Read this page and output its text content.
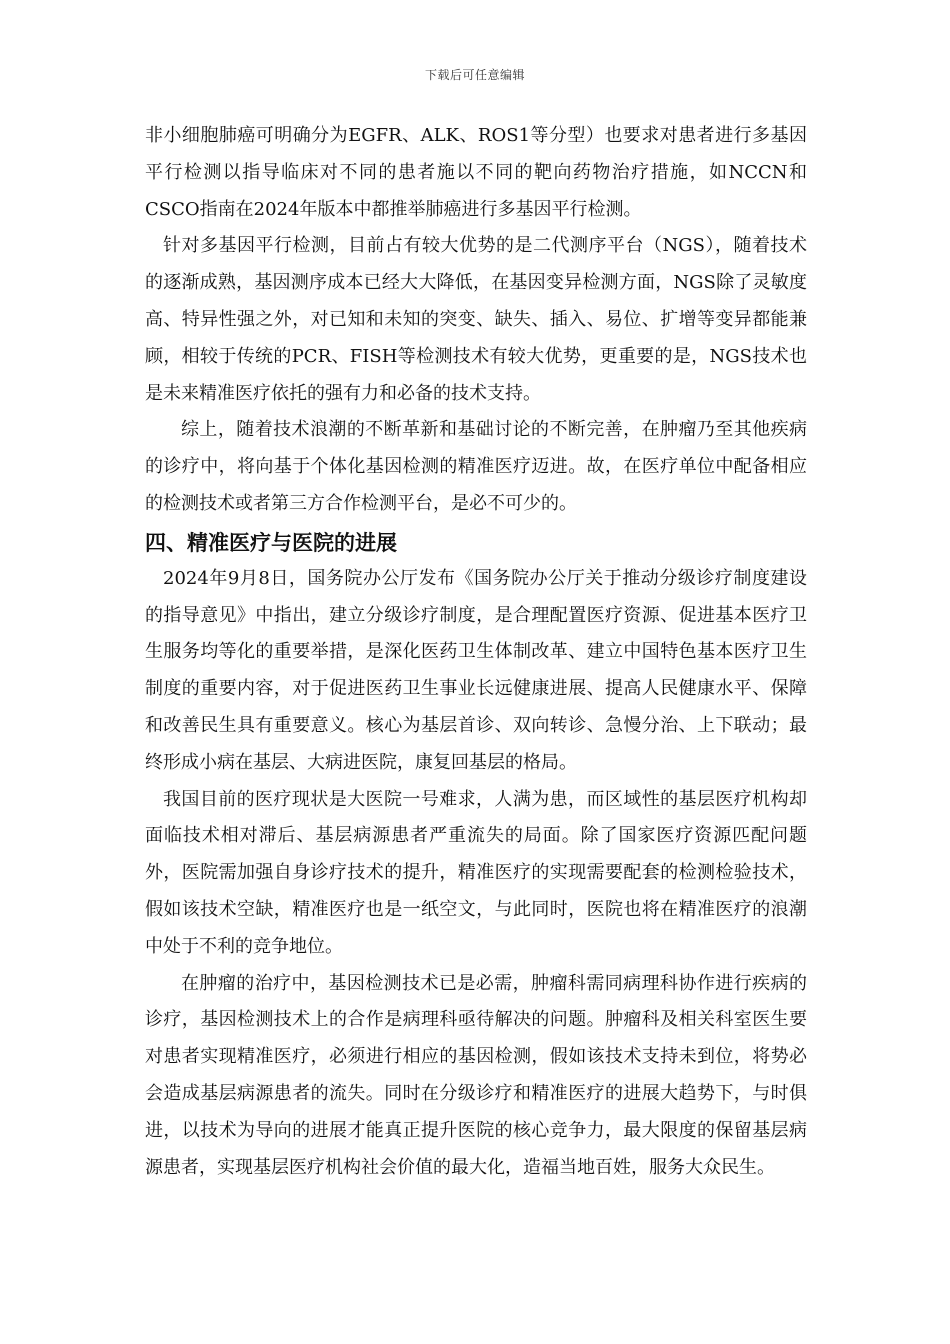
下载后可任意编辑

非小细胞肺癌可明确分为EGFR、ALK、ROS1等分型）也要求对患者进行多基因平行检测以指导临床对不同的患者施以不同的靶向药物治疗措施，如NCCN和CSCO指南在2024年版本中都推举肺癌进行多基因平行检测。

针对多基因平行检测，目前占有较大优势的是二代测序平台（NGS），随着技术的逐渐成熟，基因测序成本已经大大降低，在基因变异检测方面，NGS除了灵敏度高、特异性强之外，对已知和未知的突变、缺失、插入、易位、扩增等变异都能兼顾，相较于传统的PCR、FISH等检测技术有较大优势，更重要的是，NGS技术也是未来精准医疗依托的强有力和必备的技术支持。

综上，随着技术浪潮的不断革新和基础讨论的不断完善，在肿瘤乃至其他疾病的诊疗中，将向基于个体化基因检测的精准医疗迈进。故，在医疗单位中配备相应的检测技术或者第三方合作检测平台，是必不可少的。

四、精准医疗与医院的进展

2024年9月8日，国务院办公厅发布《国务院办公厅关于推动分级诊疗制度建设的指导意见》中指出，建立分级诊疗制度，是合理配置医疗资源、促进基本医疗卫生服务均等化的重要举措，是深化医药卫生体制改革、建立中国特色基本医疗卫生制度的重要内容，对于促进医药卫生事业长远健康进展、提高人民健康水平、保障和改善民生具有重要意义。核心为基层首诊、双向转诊、急慢分治、上下联动；最终形成小病在基层、大病进医院，康复回基层的格局。

我国目前的医疗现状是大医院一号难求，人满为患，而区域性的基层医疗机构却面临技术相对滞后、基层病源患者严重流失的局面。除了国家医疗资源匹配问题外，医院需加强自身诊疗技术的提升，精准医疗的实现需要配套的检测检验技术，假如该技术空缺，精准医疗也是一纸空文，与此同时，医院也将在精准医疗的浪潮中处于不利的竞争地位。

在肿瘤的治疗中，基因检测技术已是必需，肿瘤科需同病理科协作进行疾病的诊疗，基因检测技术上的合作是病理科亟待解决的问题。肿瘤科及相关科室医生要对患者实现精准医疗，必须进行相应的基因检测，假如该技术支持未到位，将势必会造成基层病源患者的流失。同时在分级诊疗和精准医疗的进展大趋势下，与时俱进，以技术为导向的进展才能真正提升医院的核心竞争力，最大限度的保留基层病源患者，实现基层医疗机构社会价值的最大化，造福当地百姓，服务大众民生。
